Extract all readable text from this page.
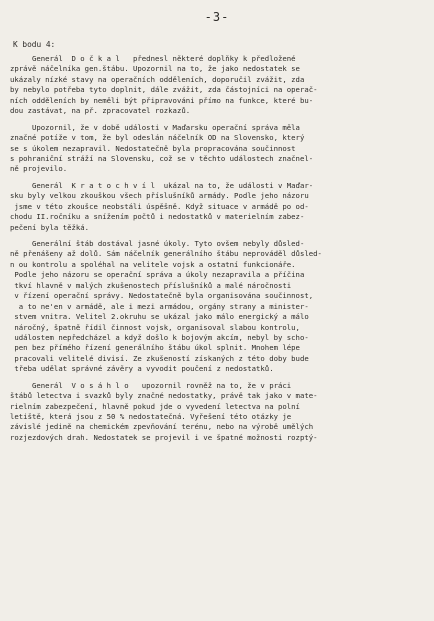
-3-
K bodu 4:
Generál  D o č k a l   přednesl některé doplňky k předložené
zprávě náčelníka gen.štábu. Upozornil na to, že jako nedostatek se
ukázaly nízké stavy na operačních odděleních, doporučil zvážit, zda
by nebylo potřeba tyto doplnit, dále zvážit, zda částojníci na operač-
ních odděleních by neměli být připravováni přímo na funkce, které bu-
dou zastávat, na př. zpracovatel rozkazů.
Upozornil, že v době události v Maďarsku operační správa měla
značné potíže v tom, že byl odeslán náčelník OD na Slovensko, který
se s úkolem nezapravil. Nedostatečně byla propracována součinnost
s pohraniční stráží na Slovensku, což se v těchto událostech značnel-
ně projevilo.
Generál  K r a t o c h v í l  ukázal na to, že události v Maďar-
sku byly velkou zkouškou všech příslušníků armády. Podle jeho názoru
jsme v této zkoušce neobstáli úspěšně. Když situace v armádě po od-
chodu II.ročníku a snížením počtů i nedostatků v materielním zabez-
pečení byla těžká.
Generální štáb dostával jasné úkoly. Tyto ovšem nebyly důsled-
ně přenášeny až dolů. Sám náčelník generálního štábu neprováděl důsled-
n ou kontrolu a spoléhal na velitele vojsk a ostatní funkcionáře.
Podle jeho názoru se operační správa a úkoly nezapravila a příčina
tkví hlavně v malých zkušenostech příslušníků a malé náročnosti
v řízení operační správy. Nedostatečně byla organisována součinnost,
a to ne'en v armádě, ale i mezi armádou, orgány strany a minister-
stvem vnitra. Velitel 2.okruhu se ukázal jako málo energický a málo
náročný, špatně řídil činnost vojsk, organisoval slabou kontrolu,
událostem nepředcházel a když došlo k bojovým akcím, nebyl by scho-
pen bez přímého řízení generálního štábu úkol splnit. Mnohem lépe
pracovali velitelé divisí. Ze zkušeností získaných z této doby bude
třeba udělat správné závěry a vyvodit poučení z nedostatků.
Generál  V o s á h l o   upozornil rovněž na to, že v práci
štábů letectva i svazků byly značné nedostatky, právě tak jako v mate-
rielním zabezpečení, hlavně pokud jde o vyvedení letectva na polní
letiště, která jsou z 50 % nedostatečná. Vyřešení této otázky je
závislé jedině na chemickém zpevňování terénu, nebo na výrobě umělých
rozjezdových drah. Nedostatek se projevil i ve špatné možnosti rozptý-
